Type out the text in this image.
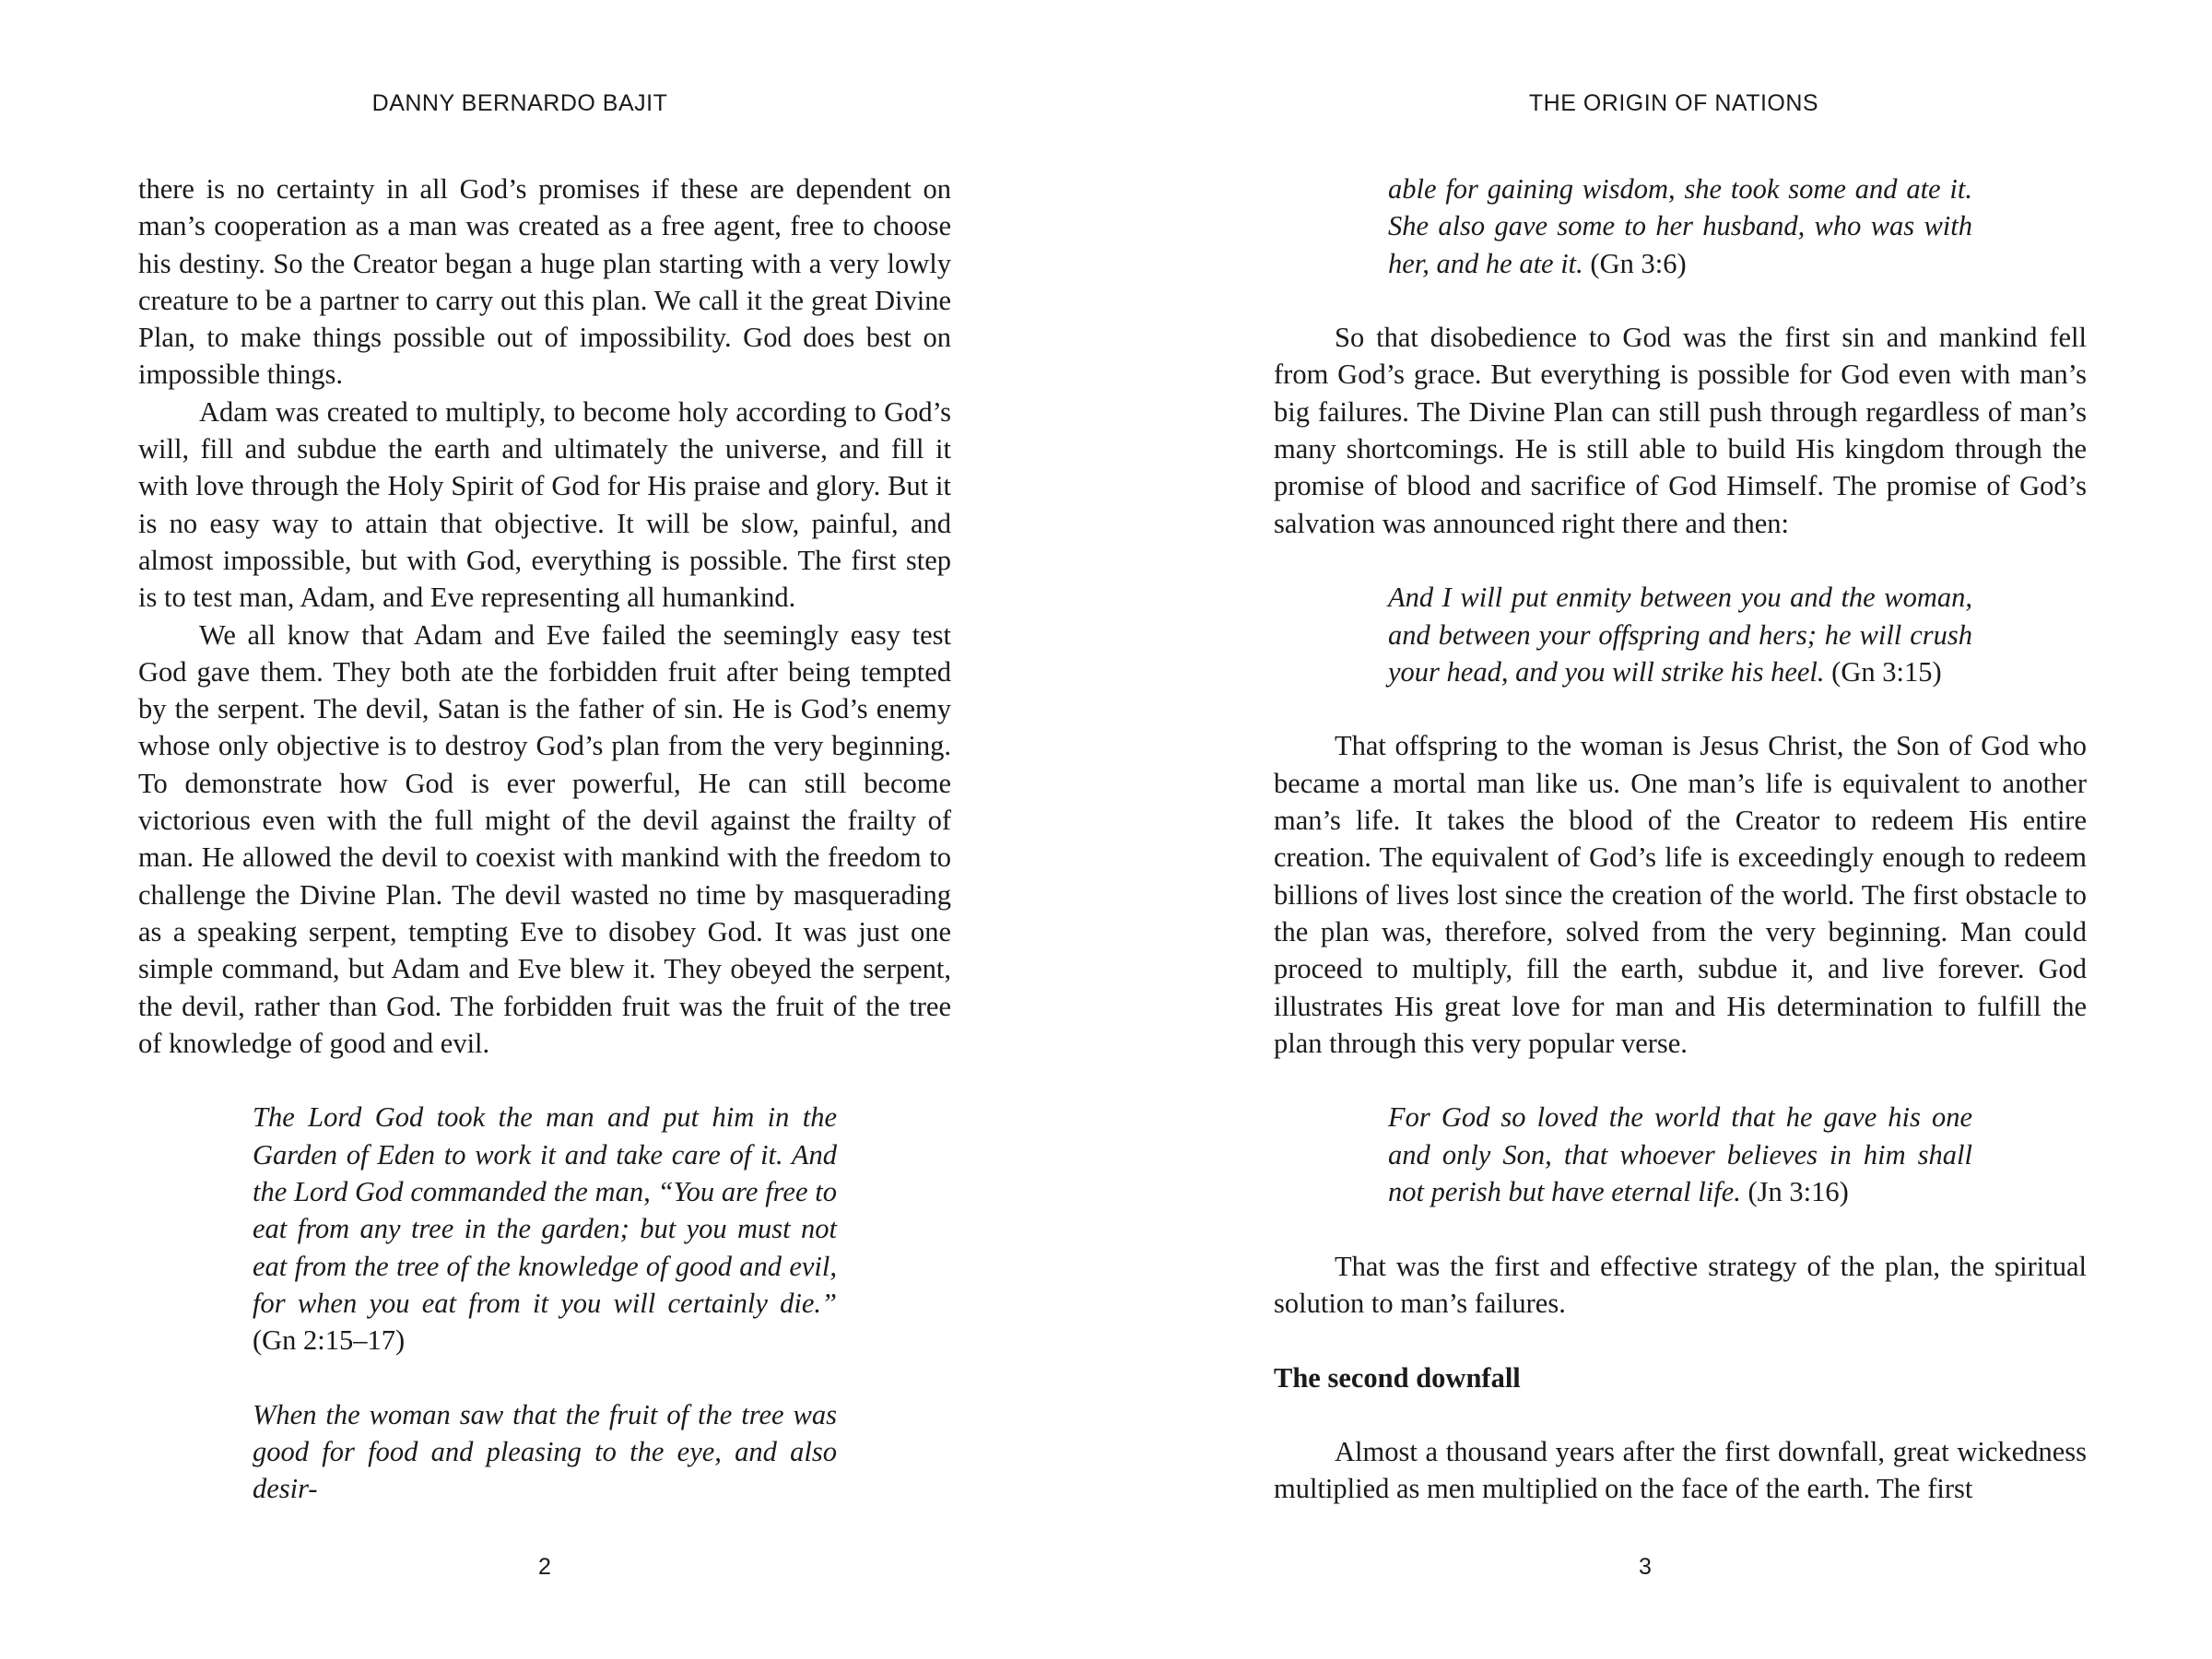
DANNY BERNARDO BAJIT

there is no certainty in all God’s promises if these are dependent on man’s cooperation as a man was created as a free agent, free to choose his destiny. So the Creator began a huge plan starting with a very lowly creature to be a partner to carry out this plan. We call it the great Divine Plan, to make things possible out of impossibility. God does best on impossible things.

Adam was created to multiply, to become holy according to God’s will, fill and subdue the earth and ultimately the universe, and fill it with love through the Holy Spirit of God for His praise and glory. But it is no easy way to attain that objective. It will be slow, painful, and almost impossible, but with God, everything is possible. The first step is to test man, Adam, and Eve representing all humankind.

We all know that Adam and Eve failed the seemingly easy test God gave them. They both ate the forbidden fruit after being tempted by the serpent. The devil, Satan is the father of sin. He is God’s enemy whose only objective is to destroy God’s plan from the very beginning. To demonstrate how God is ever powerful, He can still become victorious even with the full might of the devil against the frailty of man. He allowed the devil to coexist with mankind with the freedom to challenge the Divine Plan. The devil wasted no time by masquerading as a speaking serpent, tempting Eve to disobey God. It was just one simple command, but Adam and Eve blew it. They obeyed the serpent, the devil, rather than God. The forbidden fruit was the fruit of the tree of knowledge of good and evil.

The Lord God took the man and put him in the Garden of Eden to work it and take care of it. And the Lord God commanded the man, “You are free to eat from any tree in the garden; but you must not eat from the tree of the knowledge of good and evil, for when you eat from it you will certainly die.” (Gn 2:15–17)

When the woman saw that the fruit of the tree was good for food and pleasing to the eye, and also desir-

2
THE ORIGIN OF NATIONS

able for gaining wisdom, she took some and ate it. She also gave some to her husband, who was with her, and he ate it. (Gn 3:6)

So that disobedience to God was the first sin and mankind fell from God’s grace. But everything is possible for God even with man’s big failures. The Divine Plan can still push through regardless of man’s many shortcomings. He is still able to build His kingdom through the promise of blood and sacrifice of God Himself. The promise of God’s salvation was announced right there and then:

And I will put enmity between you and the woman, and between your offspring and hers; he will crush your head, and you will strike his heel. (Gn 3:15)

That offspring to the woman is Jesus Christ, the Son of God who became a mortal man like us. One man’s life is equivalent to another man’s life. It takes the blood of the Creator to redeem His entire creation. The equivalent of God’s life is exceedingly enough to redeem billions of lives lost since the creation of the world. The first obstacle to the plan was, therefore, solved from the very beginning. Man could proceed to multiply, fill the earth, subdue it, and live forever. God illustrates His great love for man and His determination to fulfill the plan through this very popular verse.

For God so loved the world that he gave his one and only Son, that whoever believes in him shall not perish but have eternal life. (Jn 3:16)

That was the first and effective strategy of the plan, the spiritual solution to man’s failures.

The second downfall

Almost a thousand years after the first downfall, great wickedness multiplied as men multiplied on the face of the earth. The first

3
